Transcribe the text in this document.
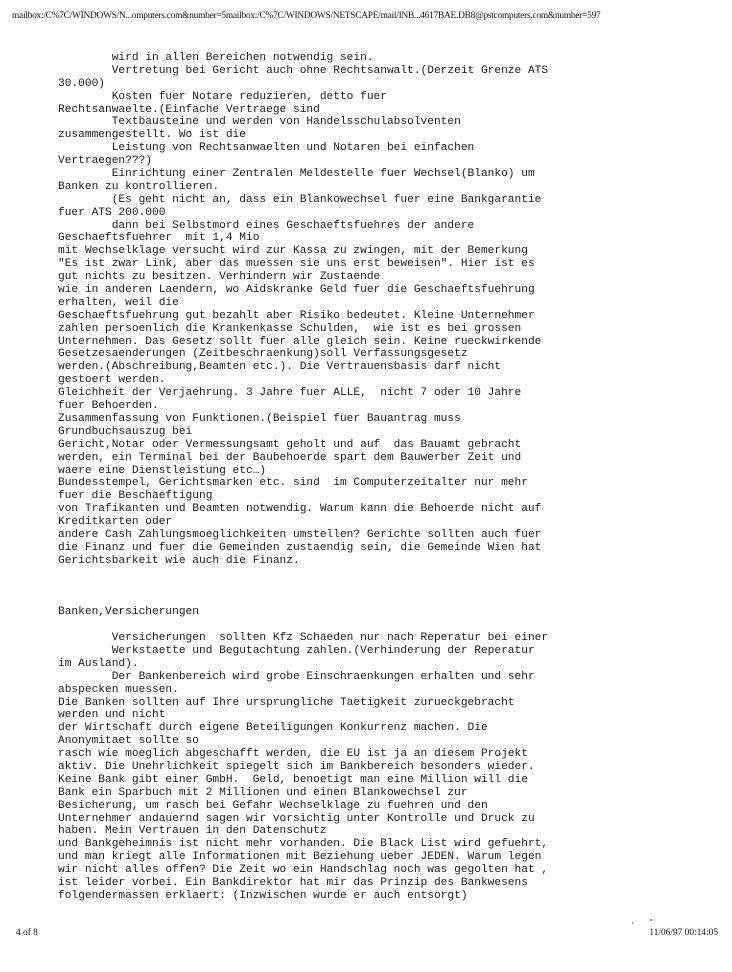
mailbox:/C%7C/WINDOWS/N...omputers.com&number=5mailbox:/C%7C/WINDOWS/NETSCAPE/mail/INB...4617BAE.DB8@pstcomputers.com&number=597
wird in allen Bereichen notwendig sein.
Vertretung bei Gericht auch ohne Rechtsanwalt.(Derzeit Grenze ATS
30.000)
Kosten fuer Notare reduzieren, detto fuer
Rechtsanwaelte.(Einfache Vertraege sind
Textbausteine und werden von Handelsschulabsolventen
zusammengestellt. Wo ist die
Leistung von Rechtsanwaelten und Notaren bei einfachen
Vertraegen???)
Einrichtung einer Zentralen Meldestelle fuer Wechsel(Blanko) um
Banken zu kontrollieren.
(Es geht nicht an, dass ein Blankowechsel fuer eine Bankgarantie
fuer ATS 200.000
dann bei Selbstmord eines Geschaeftsfuehres der andere
Geschaeftsfuehrer  mit 1,4 Mio
mit Wechselklage versucht wird zur Kassa zu zwingen, mit der Bemerkung
"Es ist zwar Link, aber das muessen sie uns erst beweisen". Hier ist es
gut nichts zu besitzen. Verhindern wir Zustaende
wie in anderen Laendern, wo Aidskranke Geld fuer die Geschaeftsfuehrung
erhalten, weil die
Geschaeftsfuehrung gut bezahlt aber Risiko bedeutet. Kleine Unternehmer
zahlen persoenlich die Krankenkasse Schulden,  wie ist es bei grossen
Unternehmen. Das Gesetz sollt fuer alle gleich sein. Keine rueckwirkende
Gesetzesaenderungen (Zeitbeschraenkung)soll Verfassungsgesetz
werden.(Abschreibung,Beamten etc.). Die Vertrauensbasis darf nicht
gestoert werden.
Gleichheit der Verjaehrung. 3 Jahre fuer ALLE,  nicht 7 oder 10 Jahre
fuer Behoerden.
Zusammenfassung von Funktionen.(Beispiel fuer Bauantrag muss
Grundbuchsauszug bei
Gericht,Notar oder Vermessungsamt geholt und auf  das Bauamt gebracht
werden, ein Terminal bei der Baubehoerde spart dem Bauwerber Zeit und
waere eine Dienstleistung etc…)
Bundesstempel, Gerichtsmarken etc. sind  im Computerzeitalter nur mehr
fuer die Beschaeftigung
von Trafikanten und Beamten notwendig. Warum kann die Behoerde nicht auf
Kreditkarten oder
andere Cash Zahlungsmoeglichkeiten umstellen? Gerichte sollten auch fuer
die Finanz und fuer die Gemeinden zustaendig sein, die Gemeinde Wien hat
Gerichtsbarkeit wie auch die Finanz.
Banken,Versicherungen
Versicherungen  sollten Kfz Schaeden nur nach Reperatur bei einer
Werkstaette und Begutachtung zahlen.(Verhinderung der Reperatur
im Ausland).
Der Bankenbereich wird grobe Einschraenkungen erhalten und sehr
abspecken muessen.
Die Banken sollten auf Ihre ursprungliche Taetigkeit zurueckgebracht
werden und nicht
der Wirtschaft durch eigene Beteiligungen Konkurrenz machen. Die
Anonymitaet sollte so
rasch wie moeglich abgeschafft werden, die EU ist ja an diesem Projekt
aktiv. Die Unehrlichkeit spiegelt sich im Bankbereich besonders wieder.
Keine Bank gibt einer GmbH.  Geld, benoetigt man eine Million will die
Bank ein Sparbuch mit 2 Millionen und einen Blankowechsel zur
Besicherung, um rasch bei Gefahr Wechselklage zu fuehren und den
Unternehmer andauernd sagen wir vorsichtig unter Kontrolle und Druck zu
haben. Mein Vertrauen in den Datenschutz
und Bankgeheimnis ist nicht mehr vorhanden. Die Black List wird gefuehrt,
und man kriegt alle Informationen mit Beziehung ueber JEDEN. Warum legen
wir nicht alles offen? Die Zeit wo ein Handschlag noch was gegolten hat ,
ist leider vorbei. Ein Bankdirektor hat mir das Prinzip des Bankwesens
folgendermassen erklaert: (Inzwischen wurde er auch entsorgt)
4 of 8	11/06/97 00:14:05
